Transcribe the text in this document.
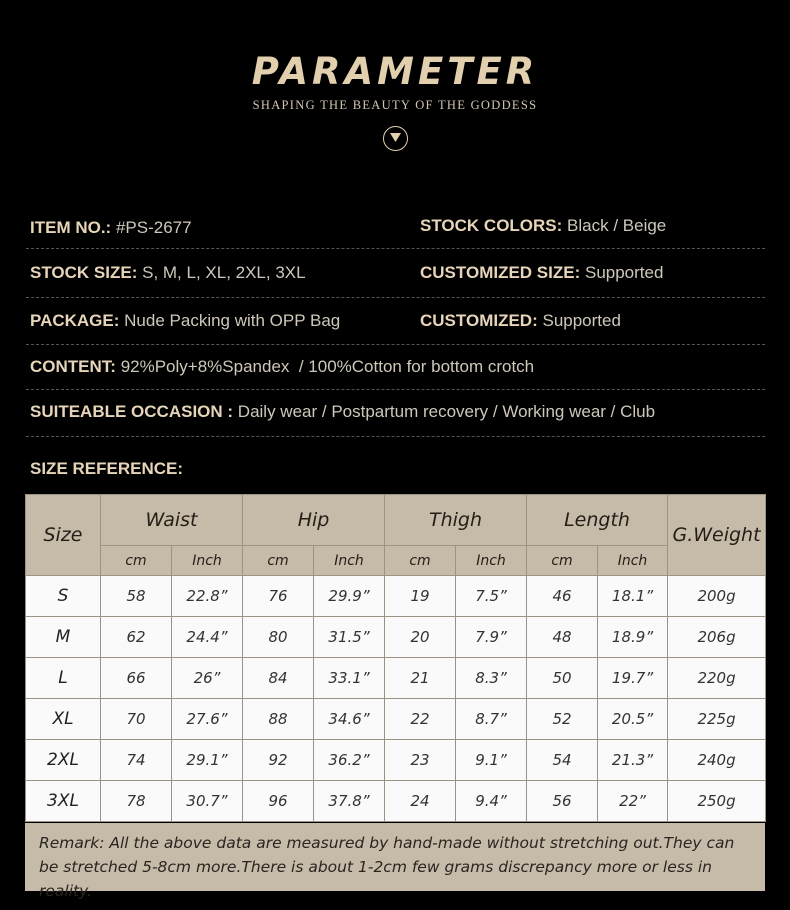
PARAMETER
SHAPING THE BEAUTY OF THE GODDESS
ITEM NO.: #PS-2677	STOCK COLORS: Black / Beige
STOCK SIZE: S, M, L, XL, 2XL, 3XL	CUSTOMIZED SIZE: Supported
PACKAGE: Nude Packing with OPP Bag	CUSTOMIZED: Supported
CONTENT: 92%Poly+8%Spandex  / 100%Cotton for bottom crotch
SUITEABLE OCCASION : Daily wear / Postpartum recovery / Working wear / Club
SIZE REFERENCE:
Size	Waist		Hip		Thigh		Length		G.Weight
	cm	Inch	cm	Inch	cm	Inch	cm	Inch	
S	58	22.8”	76	29.9”	19	7.5”	46	18.1”	200g
M	62	24.4”	80	31.5”	20	7.9”	48	18.9”	206g
L	66	26”	84	33.1”	21	8.3”	50	19.7”	220g
XL	70	27.6”	88	34.6”	22	8.7”	52	20.5”	225g
2XL	74	29.1”	92	36.2”	23	9.1”	54	21.3”	240g
3XL	78	30.7”	96	37.8”	24	9.4”	56	22”	250g
Remark: All the above data are measured by hand-made without stretching out.They can be stretched 5-8cm more.There is about 1-2cm few grams discrepancy more or less in reality.
